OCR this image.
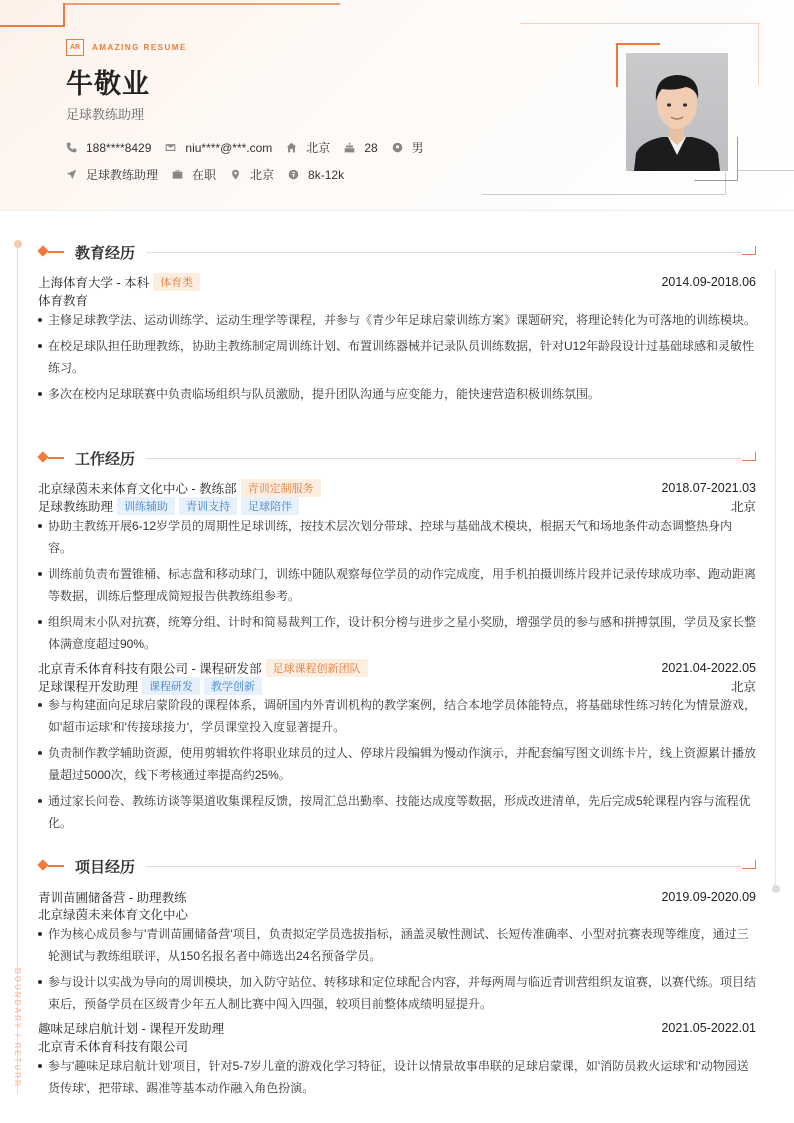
AR	AMAZING RESUME
牛敬业
足球教练助理
188****8429	niu****@***.com	北京	28	男
足球教练助理	在职	北京	8k-12k
BOUNDARY / RETURN
教育经历
上海体育大学 - 本科	体育类	2014.09-2018.06
体育教育
主修足球教学法、运动训练学、运动生理学等课程，并参与《青少年足球启蒙训练方案》课题研究，将理论转化为可落地的训练模块。
在校足球队担任助理教练，协助主教练制定周训练计划、布置训练器械并记录队员训练数据，针对U12年龄段设计过基础球感和灵敏性练习。
多次在校内足球联赛中负责临场组织与队员激励，提升团队沟通与应变能力，能快速营造积极训练氛围。
工作经历
北京绿茵未来体育文化中心 - 教练部	青训定制服务	2018.07-2021.03
足球教练助理	训练辅助	青训支持	足球陪伴	北京
协助主教练开展6-12岁学员的周期性足球训练，按技术层次划分带球、控球与基础战术模块，根据天气和场地条件动态调整热身内容。
训练前负责布置锥桶、标志盘和移动球门，训练中随队观察每位学员的动作完成度，用手机拍摄训练片段并记录传球成功率、跑动距离等数据，训练后整理成简短报告供教练组参考。
组织周末小队对抗赛，统筹分组、计时和简易裁判工作，设计积分榜与进步之星小奖励，增强学员的参与感和拼搏氛围，学员及家长整体满意度超过90%。
北京青禾体育科技有限公司 - 课程研发部	足球课程创新团队	2021.04-2022.05
足球课程开发助理	课程研发	教学创新	北京
参与构建面向足球启蒙阶段的课程体系，调研国内外青训机构的教学案例，结合本地学员体能特点，将基础球性练习转化为情景游戏，如'超市运球'和'传接球接力'，学员课堂投入度显著提升。
负责制作教学辅助资源，使用剪辑软件将职业球员的过人、停球片段编辑为慢动作演示，并配套编写图文训练卡片，线上资源累计播放量超过5000次，线下考核通过率提高约25%。
通过家长问卷、教练访谈等渠道收集课程反馈，按周汇总出勤率、技能达成度等数据，形成改进清单，先后完成5轮课程内容与流程优化。
项目经历
青训苗圃储备营 - 助理教练	2019.09-2020.09
北京绿茵未来体育文化中心
作为核心成员参与'青训苗圃储备营'项目，负责拟定学员选拔指标，涵盖灵敏性测试、长短传准确率、小型对抗赛表现等维度，通过三轮测试与教练组联评，从150名报名者中筛选出24名预备学员。
参与设计以实战为导向的周训模块，加入防守站位、转移球和定位球配合内容，并每两周与临近青训营组织友谊赛，以赛代练。项目结束后，预备学员在区级青少年五人制比赛中闯入四强，较项目前整体成绩明显提升。
趣味足球启航计划 - 课程开发助理	2021.05-2022.01
北京青禾体育科技有限公司
参与'趣味足球启航计划'项目，针对5-7岁儿童的游戏化学习特征，设计以情景故事串联的足球启蒙课，如'消防员救火运球'和'动物园送货传球'，把带球、踢准等基本动作融入角色扮演。
